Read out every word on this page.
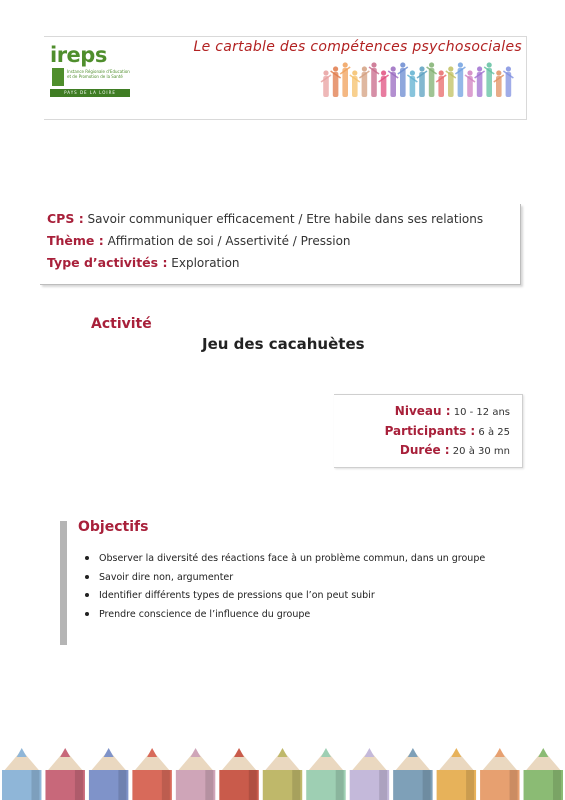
ireps
Instance Régionale d'Education et de Promotion de la Santé
PAYS DE LA LOIRE
Le cartable des compétences psychosociales
CPS : Savoir communiquer efficacement / Etre habile dans ses relations
Thème : Affirmation de soi / Assertivité / Pression
Type d’activités : Exploration
Activité
Jeu des cacahuètes
Niveau : 10 - 12 ans
Participants : 6 à 25
Durée : 20 à 30 mn
Objectifs
Observer la diversité des réactions face à un problème commun, dans un groupe
Savoir dire non, argumenter
Identifier différents types de pressions que l’on peut subir
Prendre conscience de l’influence du groupe
